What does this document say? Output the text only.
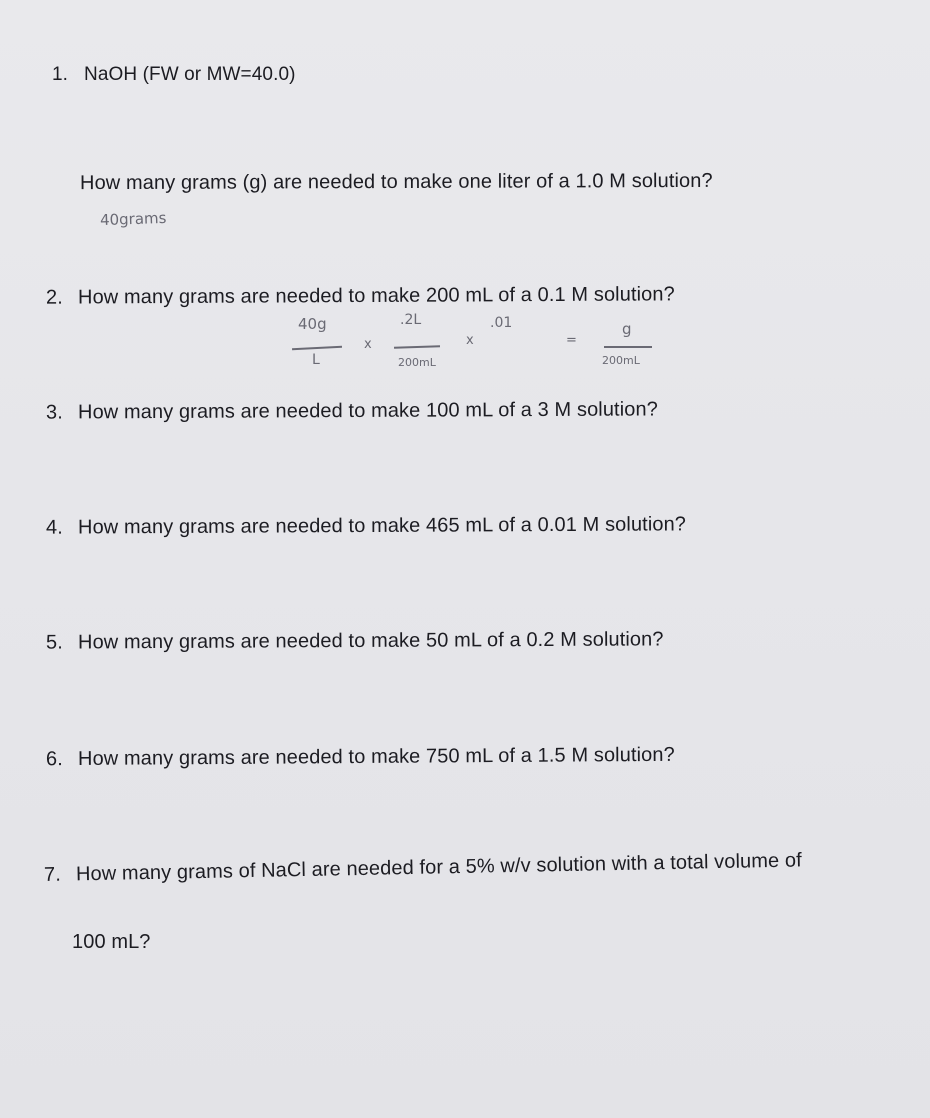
1. NaOH (FW or MW=40.0)
How many grams (g) are needed to make one liter of a 1.0 M solution?
40grams
2. How many grams are needed to make 200 mL of a 0.1 M solution?
40g
L
x
.2L
200mL
x
.01
=
g
200mL
3. How many grams are needed to make 100 mL of a 3 M solution?
4. How many grams are needed to make 465 mL of a 0.01 M solution?
5. How many grams are needed to make 50 mL of a 0.2 M solution?
6. How many grams are needed to make 750 mL of a 1.5 M solution?
7. How many grams of NaCl are needed for a 5% w/v solution with a total volume of
100 mL?
